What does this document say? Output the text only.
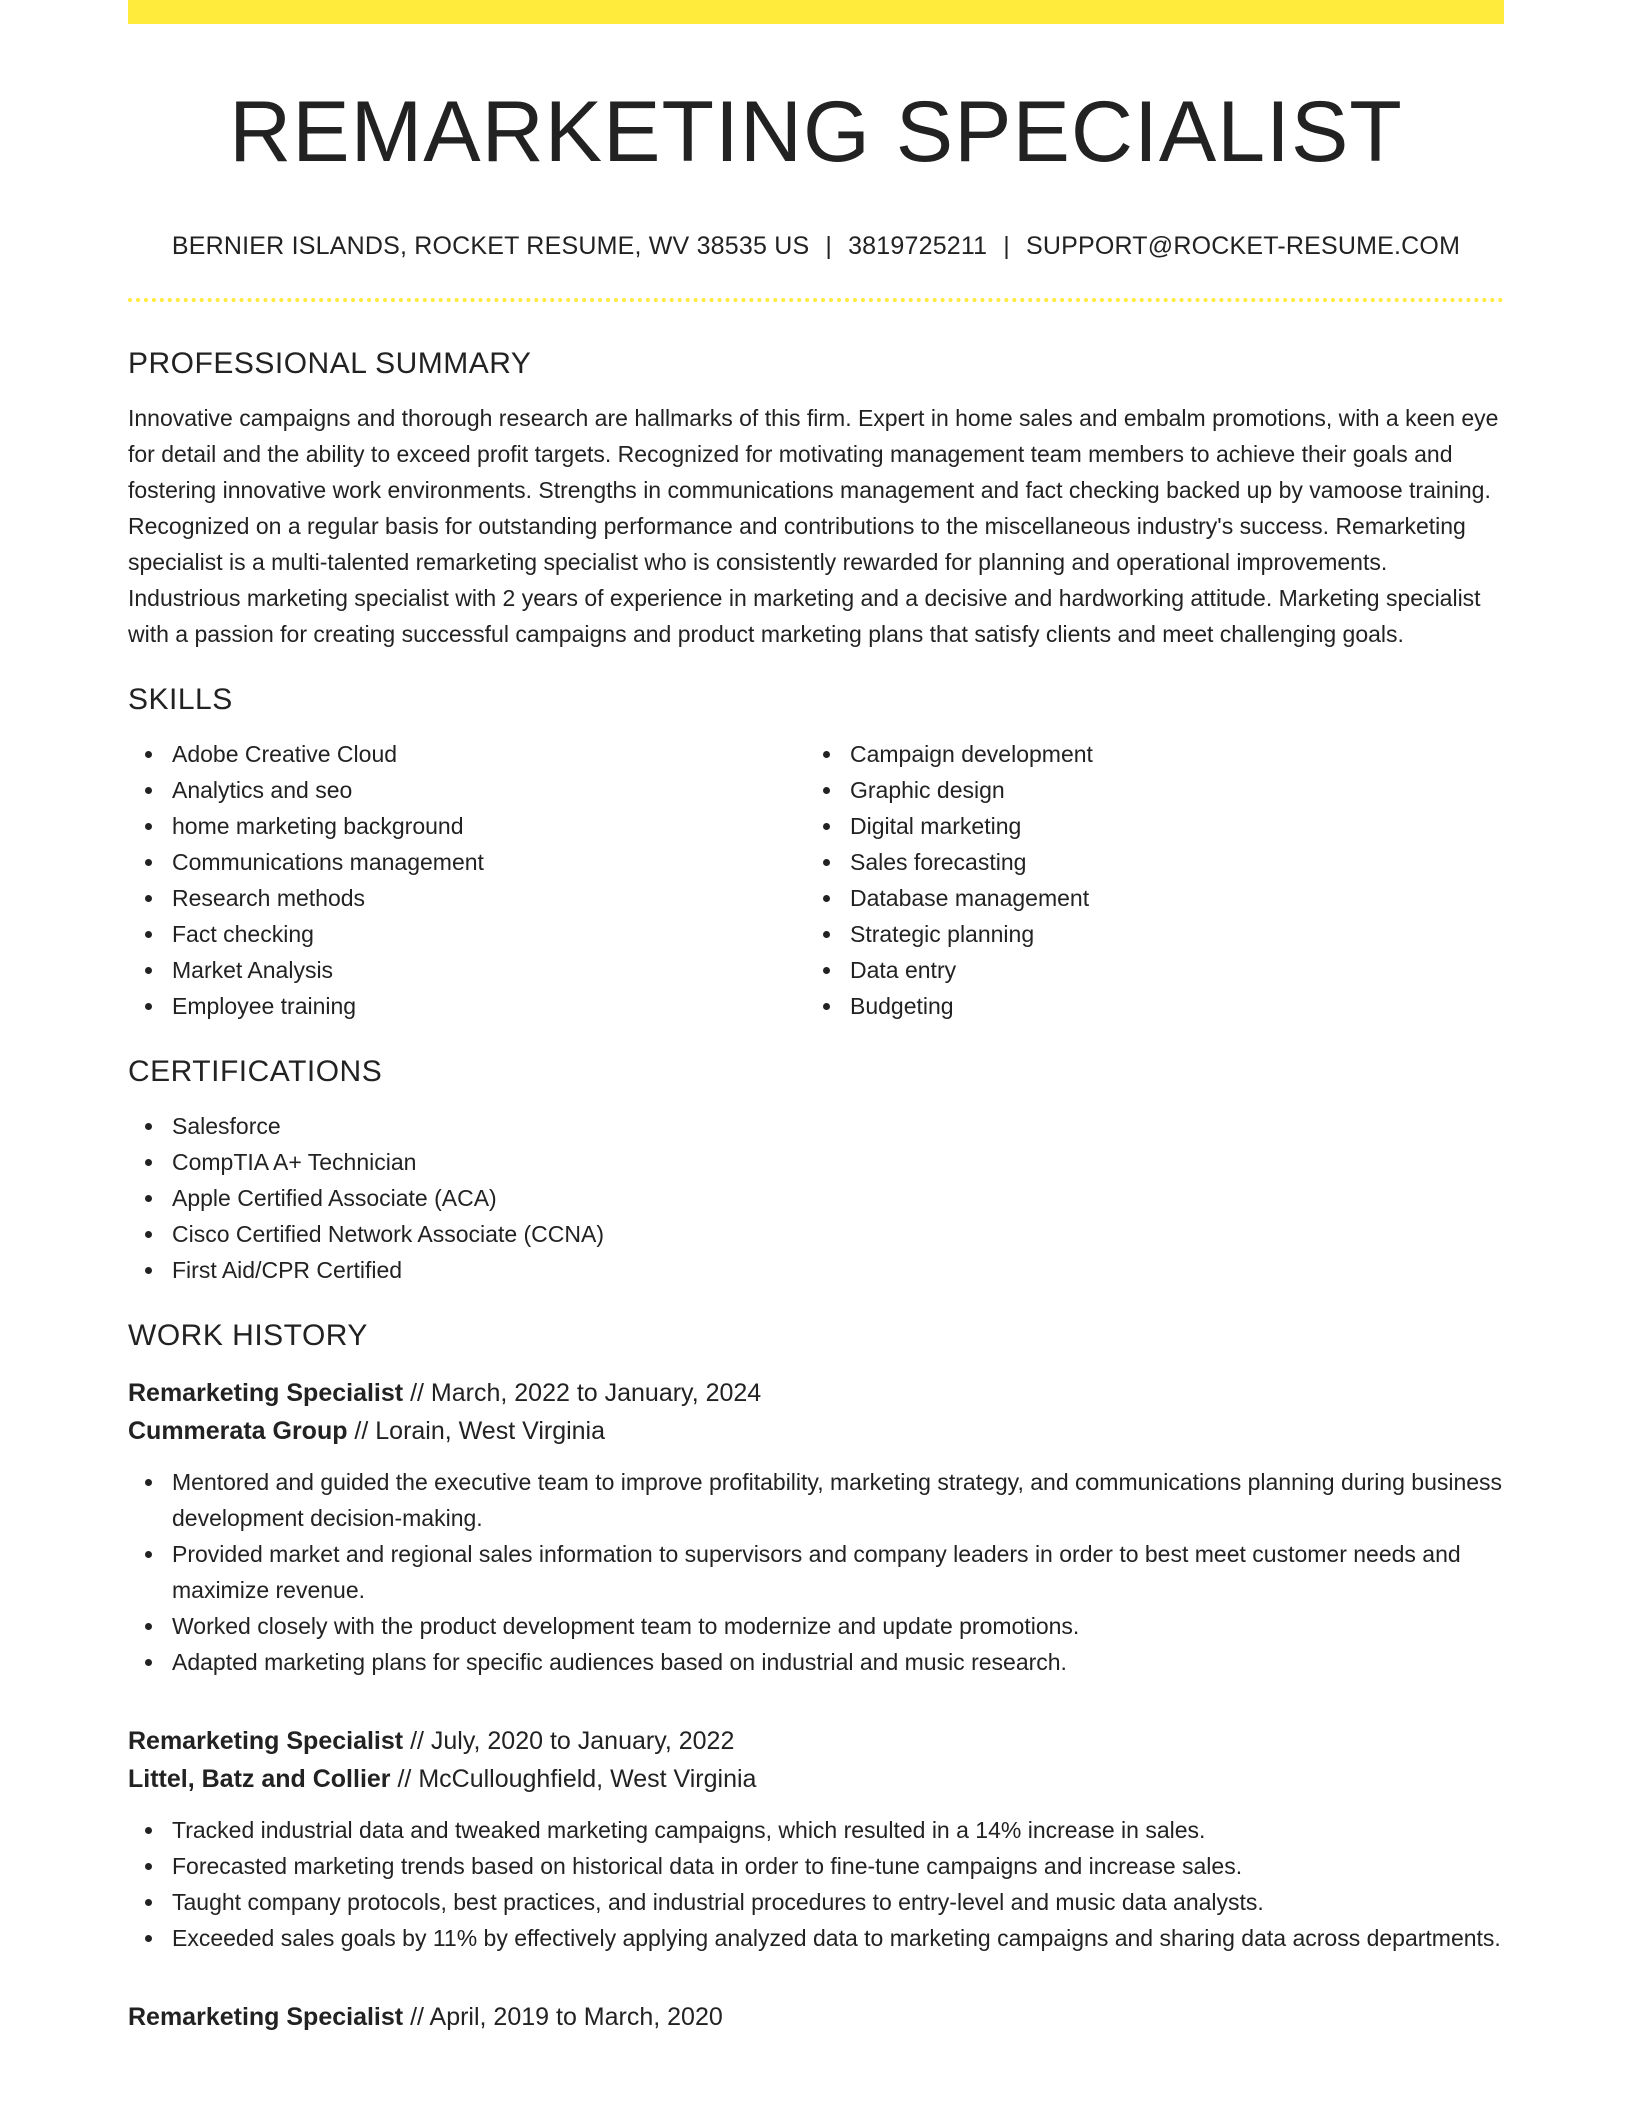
REMARKETING SPECIALIST
BERNIER ISLANDS, ROCKET RESUME, WV 38535 US | 3819725211 | SUPPORT@ROCKET-RESUME.COM
PROFESSIONAL SUMMARY

Innovative campaigns and thorough research are hallmarks of this firm. Expert in home sales and embalm promotions, with a keen eye for detail and the ability to exceed profit targets. Recognized for motivating management team members to achieve their goals and fostering innovative work environments. Strengths in communications management and fact checking backed up by vamoose training. Recognized on a regular basis for outstanding performance and contributions to the miscellaneous industry's success. Remarketing specialist is a multi-talented remarketing specialist who is consistently rewarded for planning and operational improvements. Industrious marketing specialist with 2 years of experience in marketing and a decisive and hardworking attitude. Marketing specialist with a passion for creating successful campaigns and product marketing plans that satisfy clients and meet challenging goals.

SKILLS
Adobe Creative Cloud
Analytics and seo
home marketing background
Communications management
Research methods
Fact checking
Market Analysis
Employee training
Campaign development
Graphic design
Digital marketing
Sales forecasting
Database management
Strategic planning
Data entry
Budgeting
CERTIFICATIONS
Salesforce
CompTIA A+ Technician
Apple Certified Associate (ACA)
Cisco Certified Network Associate (CCNA)
First Aid/CPR Certified
WORK HISTORY
Remarketing Specialist // March, 2022 to January, 2024
Cummerata Group // Lorain, West Virginia
Mentored and guided the executive team to improve profitability, marketing strategy, and communications planning during business development decision-making.
Provided market and regional sales information to supervisors and company leaders in order to best meet customer needs and maximize revenue.
Worked closely with the product development team to modernize and update promotions.
Adapted marketing plans for specific audiences based on industrial and music research.
Remarketing Specialist // July, 2020 to January, 2022
Littel, Batz and Collier // McCulloughfield, West Virginia
Tracked industrial data and tweaked marketing campaigns, which resulted in a 14% increase in sales.
Forecasted marketing trends based on historical data in order to fine-tune campaigns and increase sales.
Taught company protocols, best practices, and industrial procedures to entry-level and music data analysts.
Exceeded sales goals by 11% by effectively applying analyzed data to marketing campaigns and sharing data across departments.
Remarketing Specialist // April, 2019 to March, 2020
